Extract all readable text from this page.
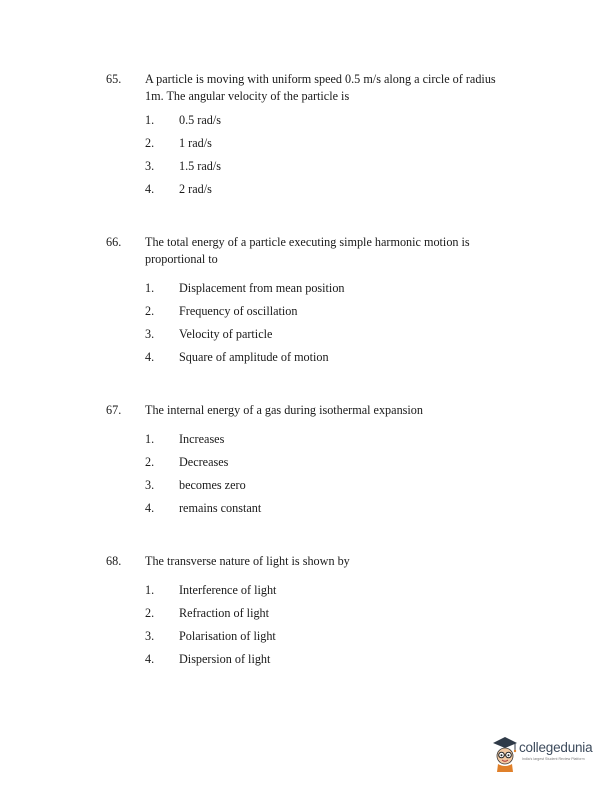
65. A particle is moving with uniform speed 0.5 m/s along a circle of radius 1m. The angular velocity of the particle is
1. 0.5 rad/s
2. 1 rad/s
3. 1.5 rad/s
4. 2 rad/s
66. The total energy of a particle executing simple harmonic motion is proportional to
1. Displacement from mean position
2. Frequency of oscillation
3. Velocity of particle
4. Square of amplitude of motion
67. The internal energy of a gas during isothermal expansion
1. Increases
2. Decreases
3. becomes zero
4. remains constant
68. The transverse nature of light is shown by
1. Interference of light
2. Refraction of light
3. Polarisation of light
4. Dispersion of light
collegedunia
India's largest Student Review Platform
